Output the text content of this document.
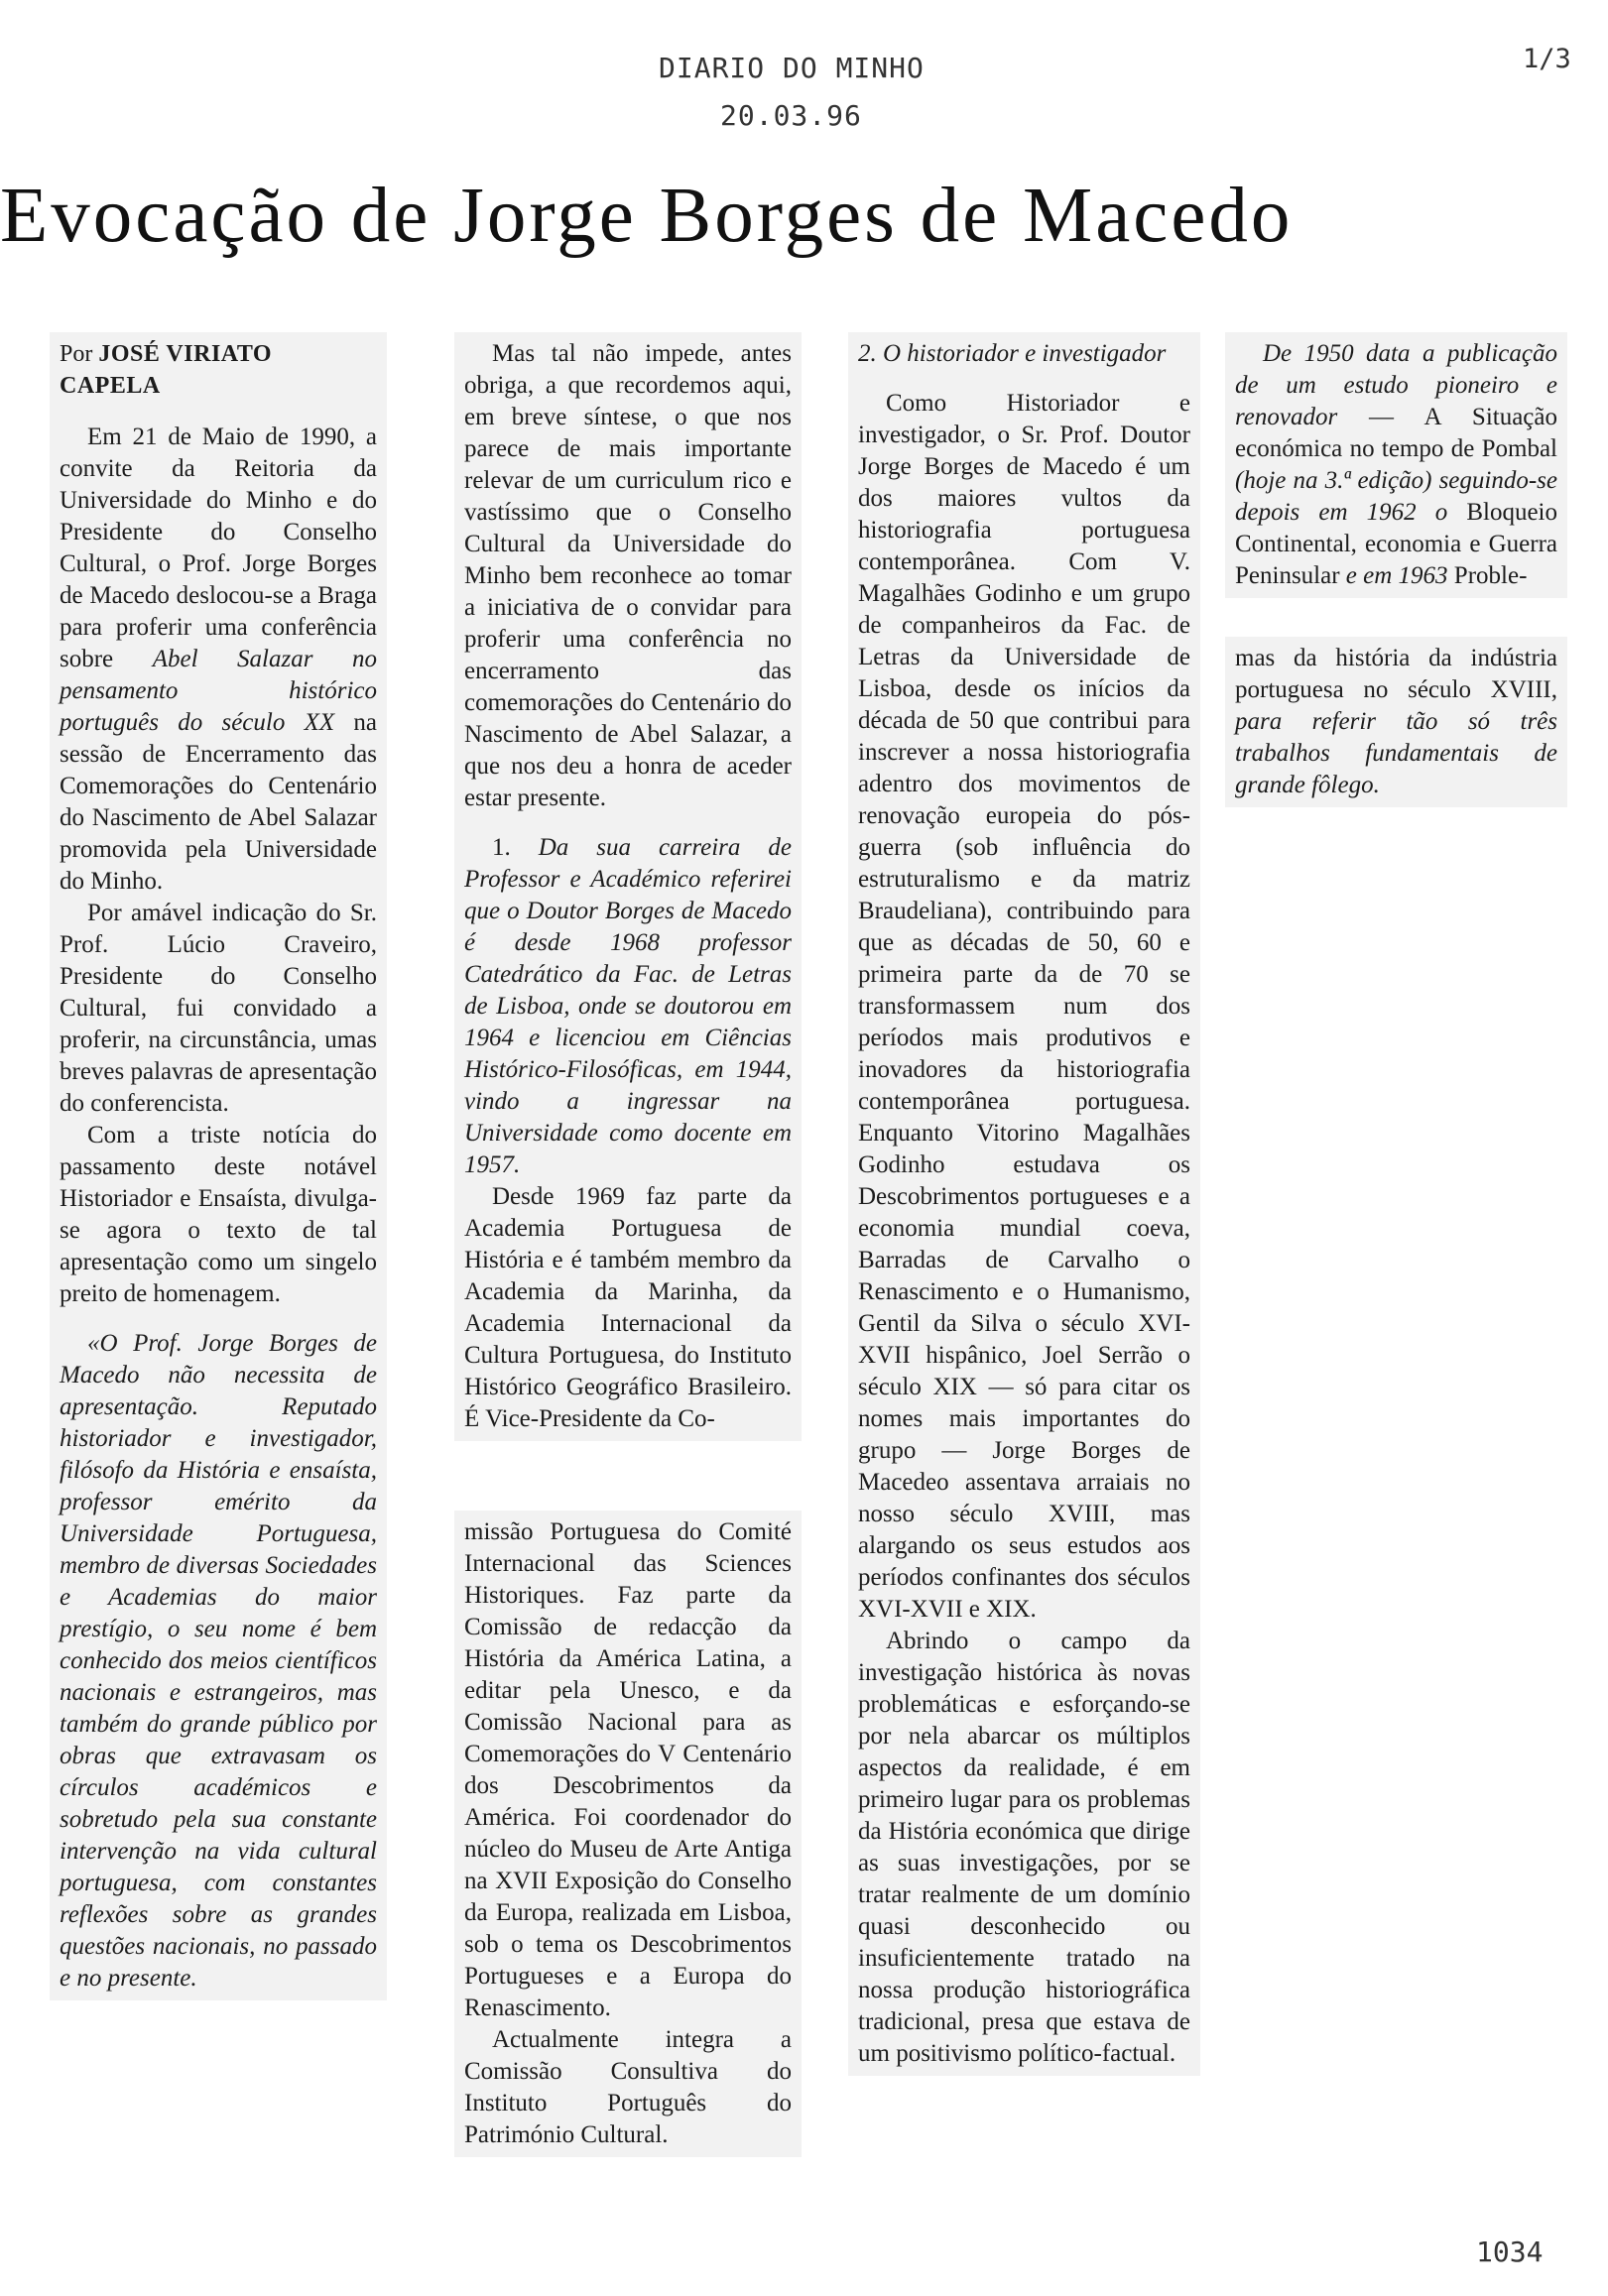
DIARIO DO MINHO
20.03.96
1/3
Evocação de Jorge Borges de Macedo

Por JOSÉ VIRIATO CAPELA

Em 21 de Maio de 1990, a convite da Reitoria da Universidade do Minho e do Presidente do Conselho Cultural, o Prof. Jorge Borges de Macedo deslocou-se a Braga para proferir uma conferência sobre Abel Salazar no pensamento histórico português do século XX na sessão de Encerramento das Comemorações do Centenário do Nascimento de Abel Salazar promovida pela Universidade do Minho.

Por amável indicação do Sr. Prof. Lúcio Craveiro, Presidente do Conselho Cultural, fui convidado a proferir, na circunstância, umas breves palavras de apresentação do conferencista.

Com a triste notícia do passamento deste notável Historiador e Ensaísta, divulga-se agora o texto de tal apresentação como um singelo preito de homenagem.

«O Prof. Jorge Borges de Macedo não necessita de apresentação. Reputado historiador e investigador, filósofo da História e ensaísta, professor emérito da Universidade Portuguesa, membro de diversas Sociedades e Academias do maior prestígio, o seu nome é bem conhecido dos meios científicos nacionais e estrangeiros, mas também do grande público por obras que extravasam os círculos académicos e sobretudo pela sua constante intervenção na vida cultural portuguesa, com constantes reflexões sobre as grandes questões nacionais, no passado e no presente.

Mas tal não impede, antes obriga, a que recordemos aqui, em breve síntese, o que nos parece de mais importante relevar de um curriculum rico e vastíssimo que o Conselho Cultural da Universidade do Minho bem reconhece ao tomar a iniciativa de o convidar para proferir uma conferência no encerramento das comemorações do Centenário do Nascimento de Abel Salazar, a que nos deu a honra de aceder estar presente.

1. Da sua carreira de Professor e Académico referirei que o Doutor Borges de Macedo é desde 1968 professor Catedrático da Fac. de Letras de Lisboa, onde se doutorou em 1964 e licenciou em Ciências Histórico-Filosóficas, em 1944, vindo a ingressar na Universidade como docente em 1957.

Desde 1969 faz parte da Academia Portuguesa de História e é também membro da Academia da Marinha, da Academia Internacional da Cultura Portuguesa, do Instituto Histórico Geográfico Brasileiro. É Vice-Presidente da Co-

missão Portuguesa do Comité Internacional das Sciences Historiques. Faz parte da Comissão de redacção da História da América Latina, a editar pela Unesco, e da Comissão Nacional para as Comemorações do V Centenário dos Descobrimentos da América. Foi coordenador do núcleo do Museu de Arte Antiga na XVII Exposição do Conselho da Europa, realizada em Lisboa, sob o tema os Descobrimentos Portugueses e a Europa do Renascimento.

Actualmente integra a Comissão Consultiva do Instituto Português do Património Cultural.

2. O historiador e investigador

Como Historiador e investigador, o Sr. Prof. Doutor Jorge Borges de Macedo é um dos maiores vultos da historiografia portuguesa contemporânea. Com V. Magalhães Godinho e um grupo de companheiros da Fac. de Letras da Universidade de Lisboa, desde os inícios da década de 50 que contribui para inscrever a nossa historiografia adentro dos movimentos de renovação europeia do pós-guerra (sob influência do estruturalismo e da matriz Braudeliana), contribuindo para que as décadas de 50, 60 e primeira parte da de 70 se transformassem num dos períodos mais produtivos e inovadores da historiografia contemporânea portuguesa. Enquanto Vitorino Magalhães Godinho estudava os Descobrimentos portugueses e a economia mundial coeva, Barradas de Carvalho o Renascimento e o Humanismo, Gentil da Silva o século XVI-XVII hispânico, Joel Serrão o século XIX — só para citar os nomes mais importantes do grupo — Jorge Borges de Macedeo assentava arraiais no nosso século XVIII, mas alargando os seus estudos aos períodos confinantes dos séculos XVI-XVII e XIX.

Abrindo o campo da investigação histórica às novas problemáticas e esforçando-se por nela abarcar os múltiplos aspectos da realidade, é em primeiro lugar para os problemas da História económica que dirige as suas investigações, por se tratar realmente de um domínio quasi desconhecido ou insuficientemente tratado na nossa produção historiográfica tradicional, presa que estava de um positivismo político-factual.

De 1950 data a publicação de um estudo pioneiro e renovador — A Situação económica no tempo de Pombal (hoje na 3.ª edição) seguindo-se depois em 1962 o Bloqueio Continental, economia e Guerra Peninsular e em 1963 Proble-

mas da história da indústria portuguesa no século XVIII, para referir tão só três trabalhos fundamentais de grande fôlego.

1034
